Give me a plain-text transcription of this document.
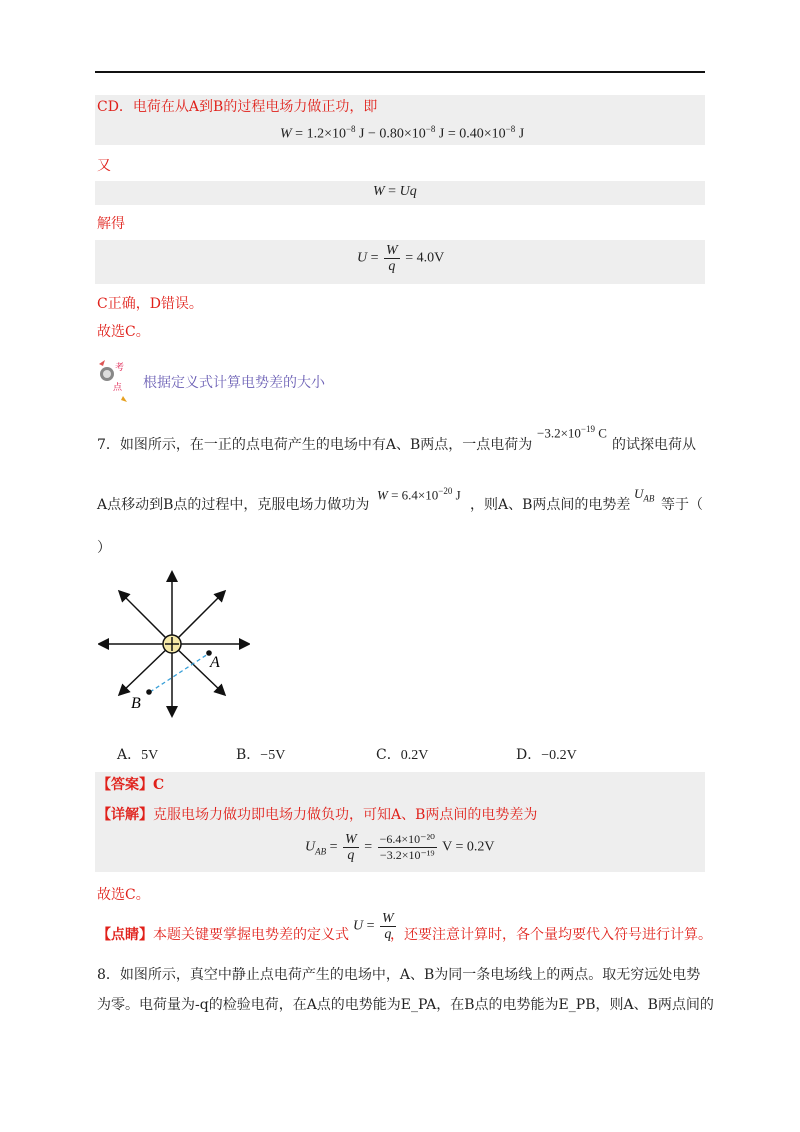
CD．电荷在从A到B的过程电场力做正功，即
$W = 1.2\times 10^{-8}$ $J - 0.80\times 10^{-8}$ $J = 0.40\times 10^{-8}$ J
又
W = Uq
解得
$U = \frac{W}{q} = 4.0V$
C正确，D错误。
故选C。
考
点 根据定义式计算电势差的大小
7．如图所示，在一正的点电荷产生的电场中有A、B两点，一点电荷为
$-3.2\times 10^{-19}$ C
的试探电荷从
A点移动到B点的过程中，克服电场力做功为
$W = 6.4\times 10^{-20}$ J
，则A、B两点间的电势差
$U_{AB}$ 等于（
）
A
B
A．5V	B．−5V	C．0.2V	D．−0.2V
【答案】C
【详解】克服电场力做功即电场力做负功，可知A、B两点间的电势差为
$U_{AB} = \frac{W}{q} = \frac{\text{−6.4×10⁻²⁰}}{\text{−3.2×10⁻¹⁹}}$ V = 0.2V
故选C。
【点睛】本题关键要掌握电势差的定义式
$U = \frac{W}{q}$
，还要注意计算时，各个量均要代入符号进行计算。
8．如图所示，真空中静止点电荷产生的电场中，A、B为同一条电场线上的两点。取无穷远处电势
为零。电荷量为-q的检验电荷，在A点的电势能为E_PA，在B点的电势能为E_PB，则A、B两点间的
